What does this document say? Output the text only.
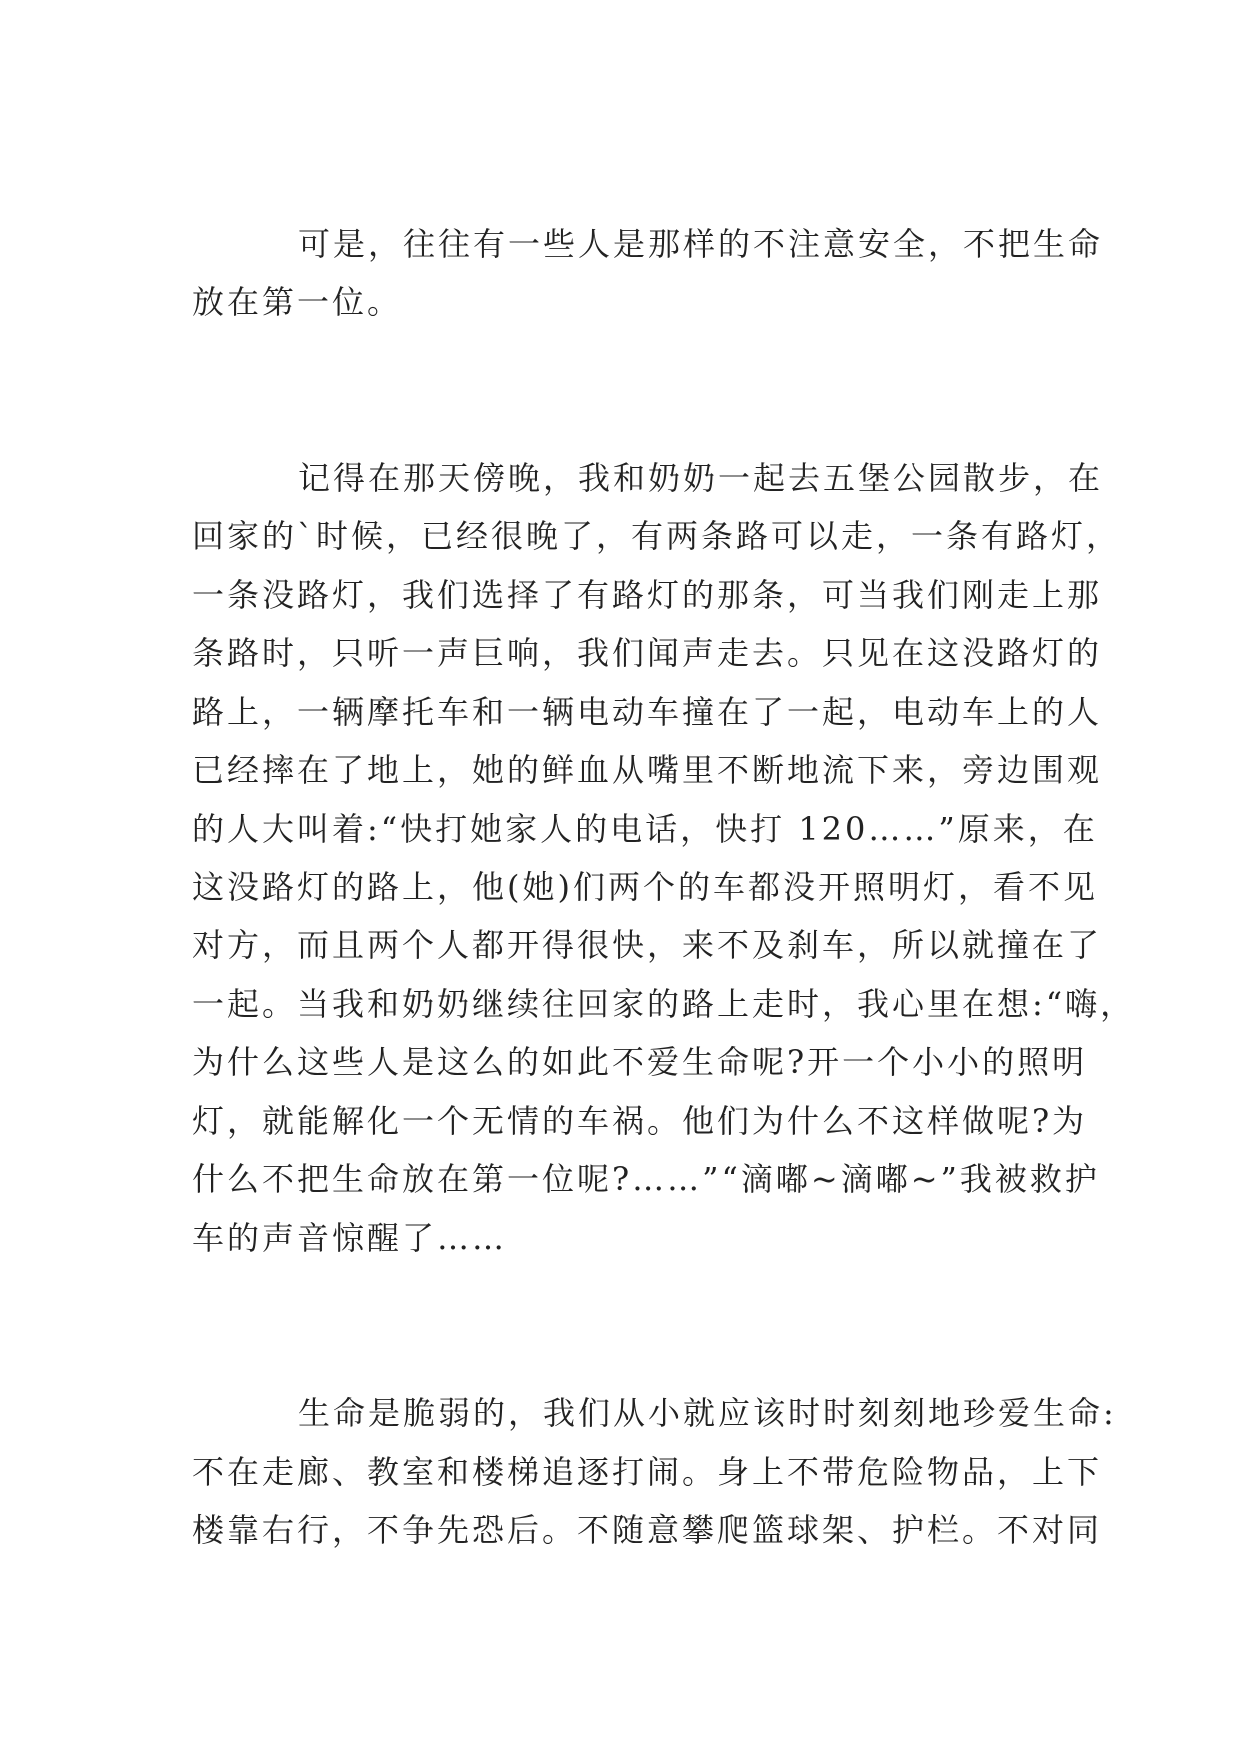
可是，往往有一些人是那样的不注意安全，不把生命

放在第一位。

记得在那天傍晚，我和奶奶一起去五堡公园散步，在

回家的`时候，已经很晚了，有两条路可以走，一条有路灯，

一条没路灯，我们选择了有路灯的那条，可当我们刚走上那

条路时，只听一声巨响，我们闻声走去。只见在这没路灯的

路上，一辆摩托车和一辆电动车撞在了一起，电动车上的人

已经摔在了地上，她的鲜血从嘴里不断地流下来，旁边围观

的人大叫着:“快打她家人的电话，快打 120……”原来，在

这没路灯的路上，他(她)们两个的车都没开照明灯，看不见

对方，而且两个人都开得很快，来不及刹车，所以就撞在了

一起。当我和奶奶继续往回家的路上走时，我心里在想:“嗨，

为什么这些人是这么的如此不爱生命呢?开一个小小的照明

灯，就能解化一个无情的车祸。他们为什么不这样做呢?为

什么不把生命放在第一位呢?……”“滴嘟~滴嘟~”我被救护

车的声音惊醒了……

生命是脆弱的，我们从小就应该时时刻刻地珍爱生命:

不在走廊、教室和楼梯追逐打闹。身上不带危险物品，上下

楼靠右行，不争先恐后。不随意攀爬篮球架、护栏。不对同
